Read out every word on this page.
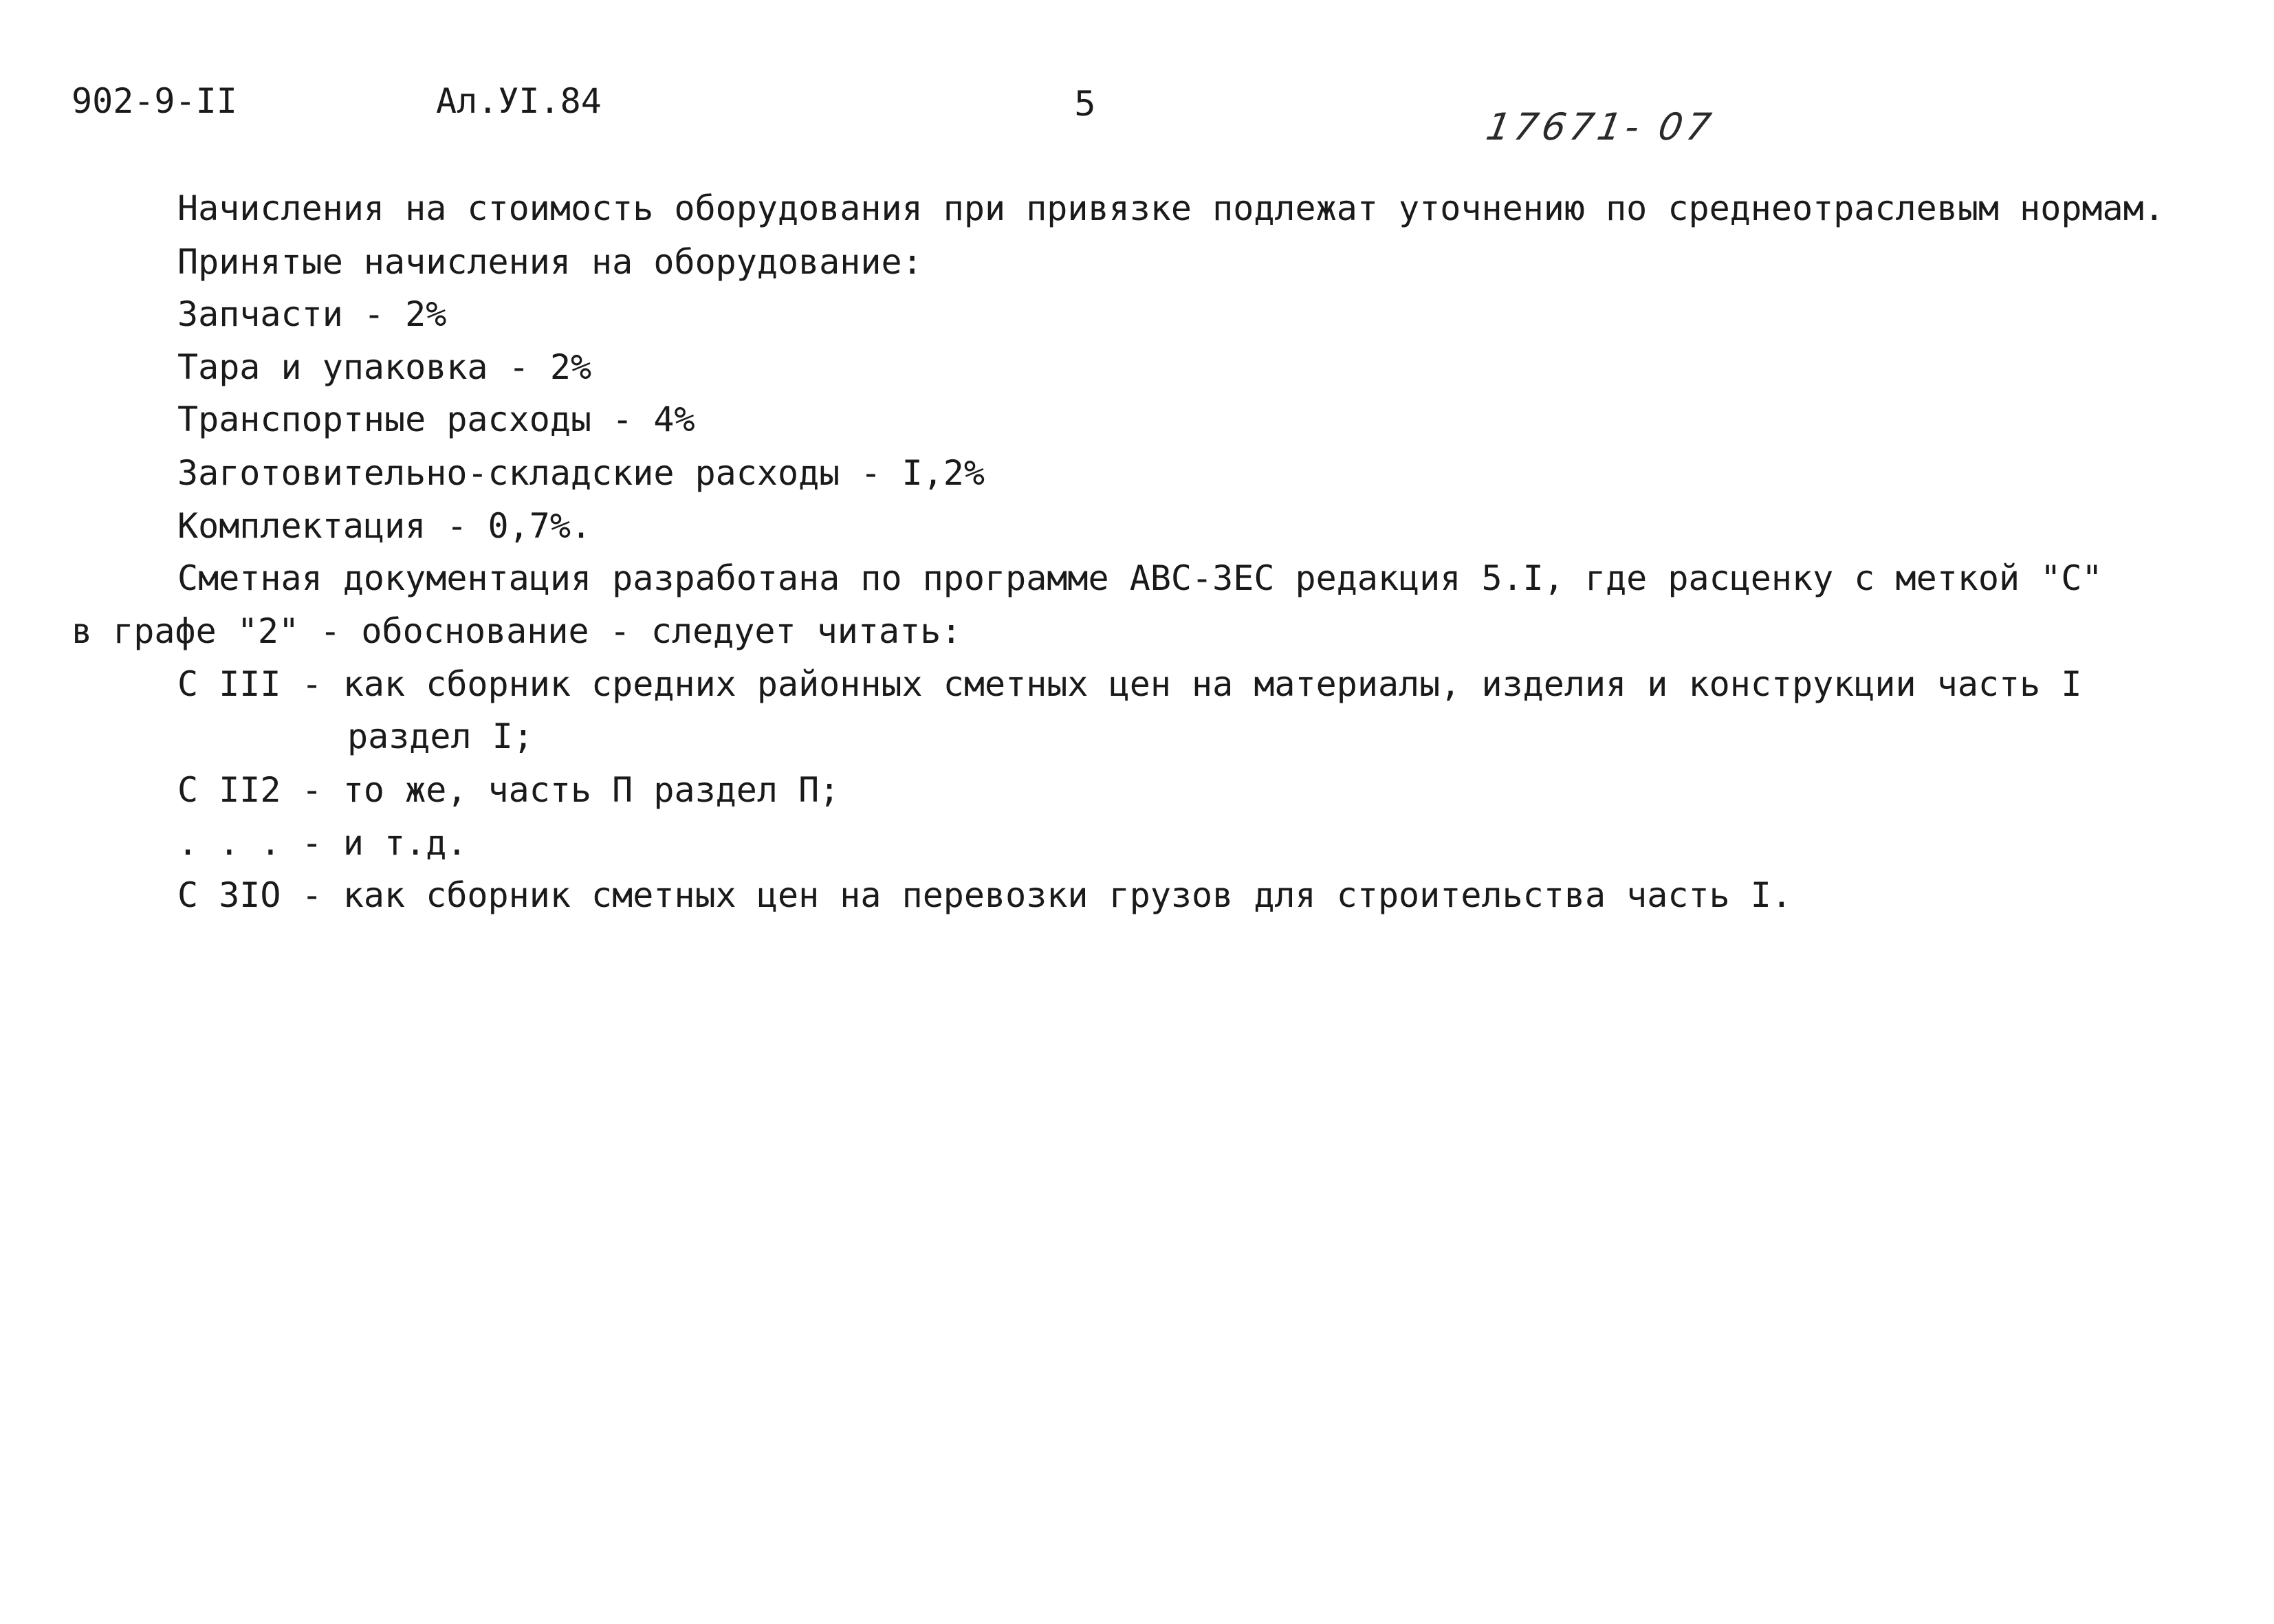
902-9-II	Ал.УI.84	5
17671- 07
Начисления на стоимость оборудования при привязке подлежат уточнению по среднеотраслевым нормам.
Принятые начисления на оборудование:
Запчасти - 2%
Тара и упаковка - 2%
Транспортные расходы - 4%
Заготовительно-складские расходы - I,2%
Комплектация - 0,7%.
Сметная документация разработана по программе АВС-ЗЕС редакция 5.I, где расценку с меткой "С"
в графе "2" - обоснование - следует читать:
С III - как сборник средних районных сметных цен на материалы, изделия и конструкции часть I
раздел I;
С II2 - то же, часть П раздел П;
. . . - и т.д.
С 3IO - как сборник сметных цен на перевозки грузов для строительства часть I.
